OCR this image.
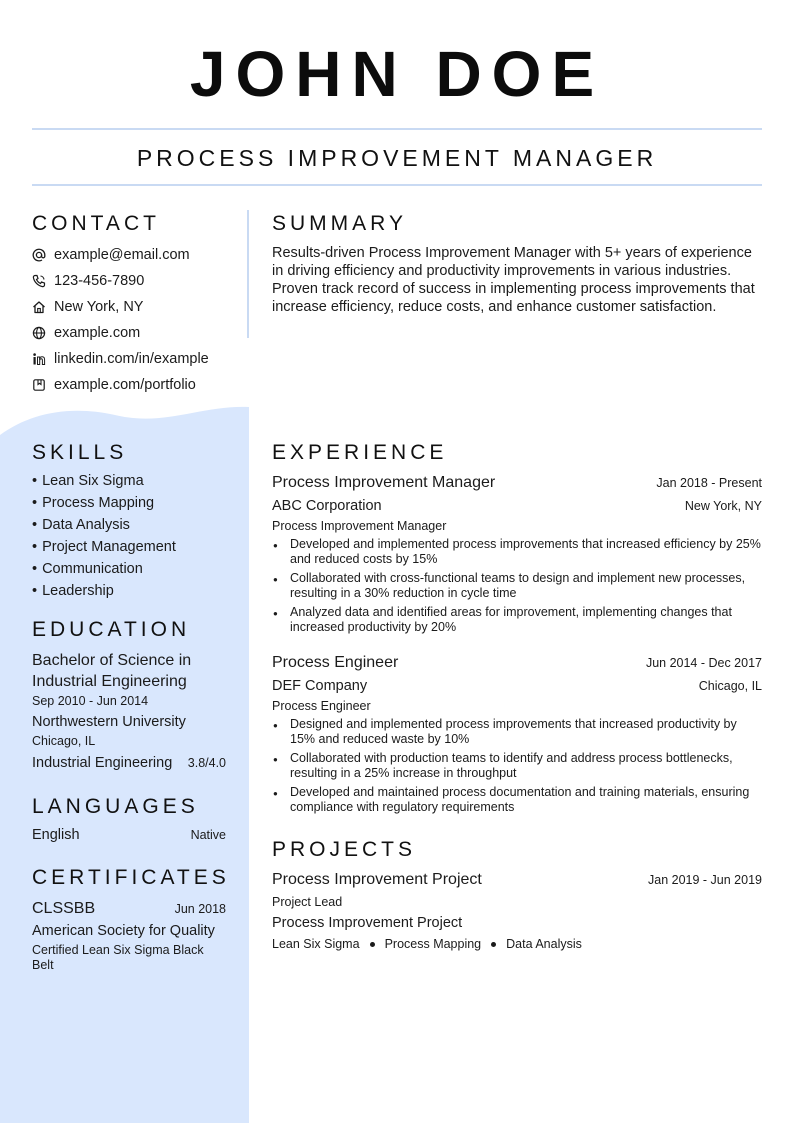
JOHN DOE
PROCESS IMPROVEMENT MANAGER
CONTACT
example@email.com
123-456-7890
New York, NY
example.com
linkedin.com/in/example
example.com/portfolio
SUMMARY
Results-driven Process Improvement Manager with 5+ years of experience in driving efficiency and productivity improvements in various industries. Proven track record of success in implementing process improvements that increase efficiency, reduce costs, and enhance customer satisfaction.
SKILLS
• Lean Six Sigma
• Process Mapping
• Data Analysis
• Project Management
• Communication
• Leadership
EDUCATION
Bachelor of Science in Industrial Engineering
Sep 2010 - Jun 2014
Northwestern University
Chicago, IL
Industrial Engineering 3.8/4.0
LANGUAGES
English	Native
CERTIFICATES
CLSSBB	Jun 2018
American Society for Quality
Certified Lean Six Sigma Black Belt
EXPERIENCE
Process Improvement Manager	Jan 2018 - Present
ABC Corporation	New York, NY
Process Improvement Manager
● Developed and implemented process improvements that increased efficiency by 25% and reduced costs by 15%
● Collaborated with cross-functional teams to design and implement new processes, resulting in a 30% reduction in cycle time
● Analyzed data and identified areas for improvement, implementing changes that increased productivity by 20%
Process Engineer	Jun 2014 - Dec 2017
DEF Company	Chicago, IL
Process Engineer
● Designed and implemented process improvements that increased productivity by 15% and reduced waste by 10%
● Collaborated with production teams to identify and address process bottlenecks, resulting in a 25% increase in throughput
● Developed and maintained process documentation and training materials, ensuring compliance with regulatory requirements
PROJECTS
Process Improvement Project	Jan 2019 - Jun 2019
Project Lead
Process Improvement Project
Lean Six Sigma Process Mapping Data Analysis
